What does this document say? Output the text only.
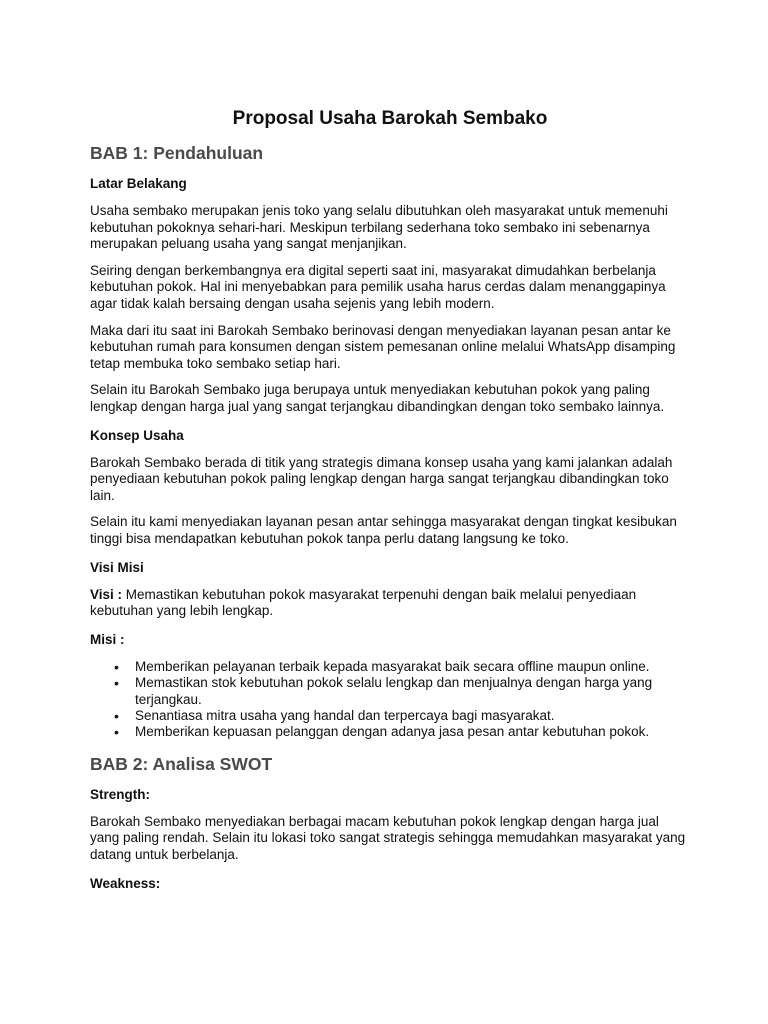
Proposal Usaha Barokah Sembako
BAB 1: Pendahuluan
Latar Belakang

Usaha sembako merupakan jenis toko yang selalu dibutuhkan oleh masyarakat untuk memenuhi kebutuhan pokoknya sehari-hari. Meskipun terbilang sederhana toko sembako ini sebenarnya merupakan peluang usaha yang sangat menjanjikan.

Seiring dengan berkembangnya era digital seperti saat ini, masyarakat dimudahkan berbelanja kebutuhan pokok. Hal ini menyebabkan para pemilik usaha harus cerdas dalam menanggapinya agar tidak kalah bersaing dengan usaha sejenis yang lebih modern.

Maka dari itu saat ini Barokah Sembako berinovasi dengan menyediakan layanan pesan antar ke kebutuhan rumah para konsumen dengan sistem pemesanan online melalui WhatsApp disamping tetap membuka toko sembako setiap hari.

Selain itu Barokah Sembako juga berupaya untuk menyediakan kebutuhan pokok yang paling lengkap dengan harga jual yang sangat terjangkau dibandingkan dengan toko sembako lainnya.

Konsep Usaha

Barokah Sembako berada di titik yang strategis dimana konsep usaha yang kami jalankan adalah penyediaan kebutuhan pokok paling lengkap dengan harga sangat terjangkau dibandingkan toko lain.

Selain itu kami menyediakan layanan pesan antar sehingga masyarakat dengan tingkat kesibukan tinggi bisa mendapatkan kebutuhan pokok tanpa perlu datang langsung ke toko.

Visi Misi

Visi : Memastikan kebutuhan pokok masyarakat terpenuhi dengan baik melalui penyediaan kebutuhan yang lebih lengkap.

Misi :
• Memberikan pelayanan terbaik kepada masyarakat baik secara offline maupun online.
• Memastikan stok kebutuhan pokok selalu lengkap dan menjualnya dengan harga yang terjangkau.
• Senantiasa mitra usaha yang handal dan terpercaya bagi masyarakat.
• Memberikan kepuasan pelanggan dengan adanya jasa pesan antar kebutuhan pokok.
BAB 2: Analisa SWOT
Strength:

Barokah Sembako menyediakan berbagai macam kebutuhan pokok lengkap dengan harga jual yang paling rendah. Selain itu lokasi toko sangat strategis sehingga memudahkan masyarakat yang datang untuk berbelanja.

Weakness:
